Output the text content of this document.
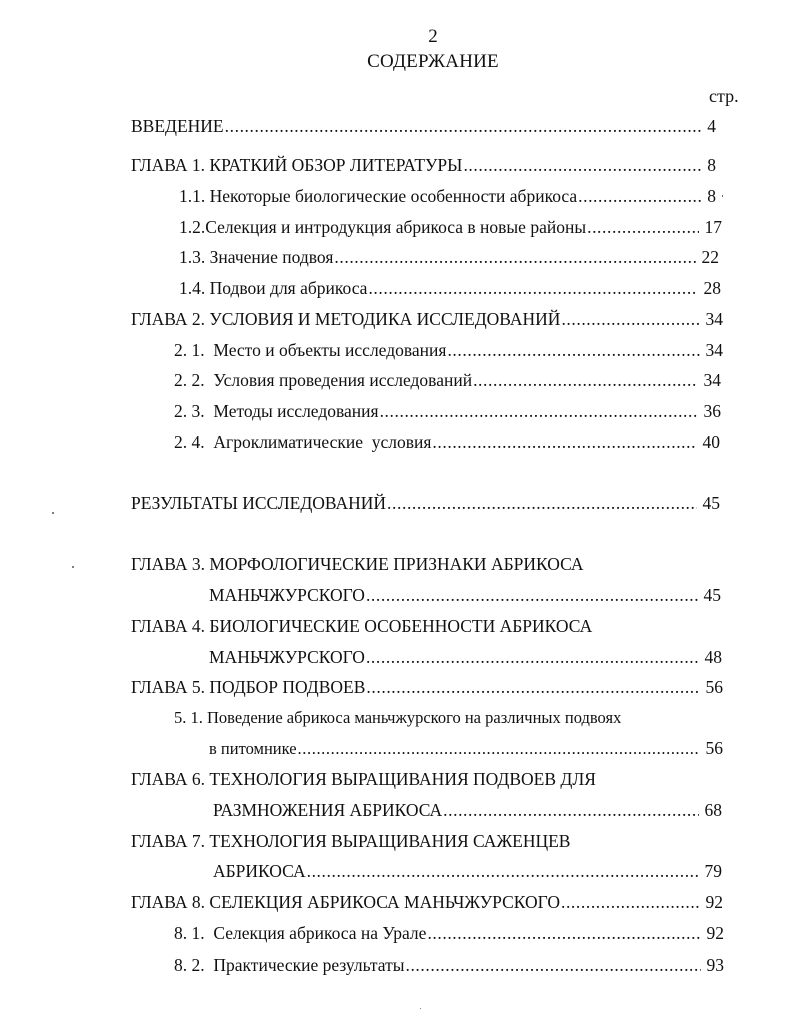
2
СОДЕРЖАНИЕ
стр.
ВВЕДЕНИЕ .....	4
ГЛАВА 1. КРАТКИЙ ОБЗОР ЛИТЕРАТУРЫ .....	8
1.1. Некоторые биологические особенности абрикоса .....	8
1.2.Селекция и интродукция абрикоса в новые районы .....	17
1.3. Значение подвоя .....	22
1.4. Подвои для абрикоса .....	28
ГЛАВА 2. УСЛОВИЯ И МЕТОДИКА ИССЛЕДОВАНИЙ .....	34
2. 1.  Место и объекты исследования .....	34
2. 2.  Условия проведения исследований .....	34
2. 3.  Методы исследования .....	36
2. 4.  Агроклиматические  условия .....	40
РЕЗУЛЬТАТЫ ИССЛЕДОВАНИЙ .....	45
ГЛАВА 3. МОРФОЛОГИЧЕСКИЕ ПРИЗНАКИ АБРИКОСА
МАНЬЧЖУРСКОГО .....	45
ГЛАВА 4. БИОЛОГИЧЕСКИЕ ОСОБЕННОСТИ АБРИКОСА
МАНЬЧЖУРСКОГО .....	48
ГЛАВА 5. ПОДБОР ПОДВОЕВ .....	56
5. 1. Поведение абрикоса маньчжурского на различных подвоях
в питомнике .....	56
ГЛАВА 6. ТЕХНОЛОГИЯ ВЫРАЩИВАНИЯ ПОДВОЕВ ДЛЯ
РАЗМНОЖЕНИЯ АБРИКОСА .....	68
ГЛАВА 7. ТЕХНОЛОГИЯ ВЫРАЩИВАНИЯ САЖЕНЦЕВ
АБРИКОСА .....	79
ГЛАВА 8. СЕЛЕКЦИЯ АБРИКОСА МАНЬЧЖУРСКОГО .....	92
8. 1.  Селекция абрикоса на Урале .....	92
8. 2.  Практические результаты .....	93
